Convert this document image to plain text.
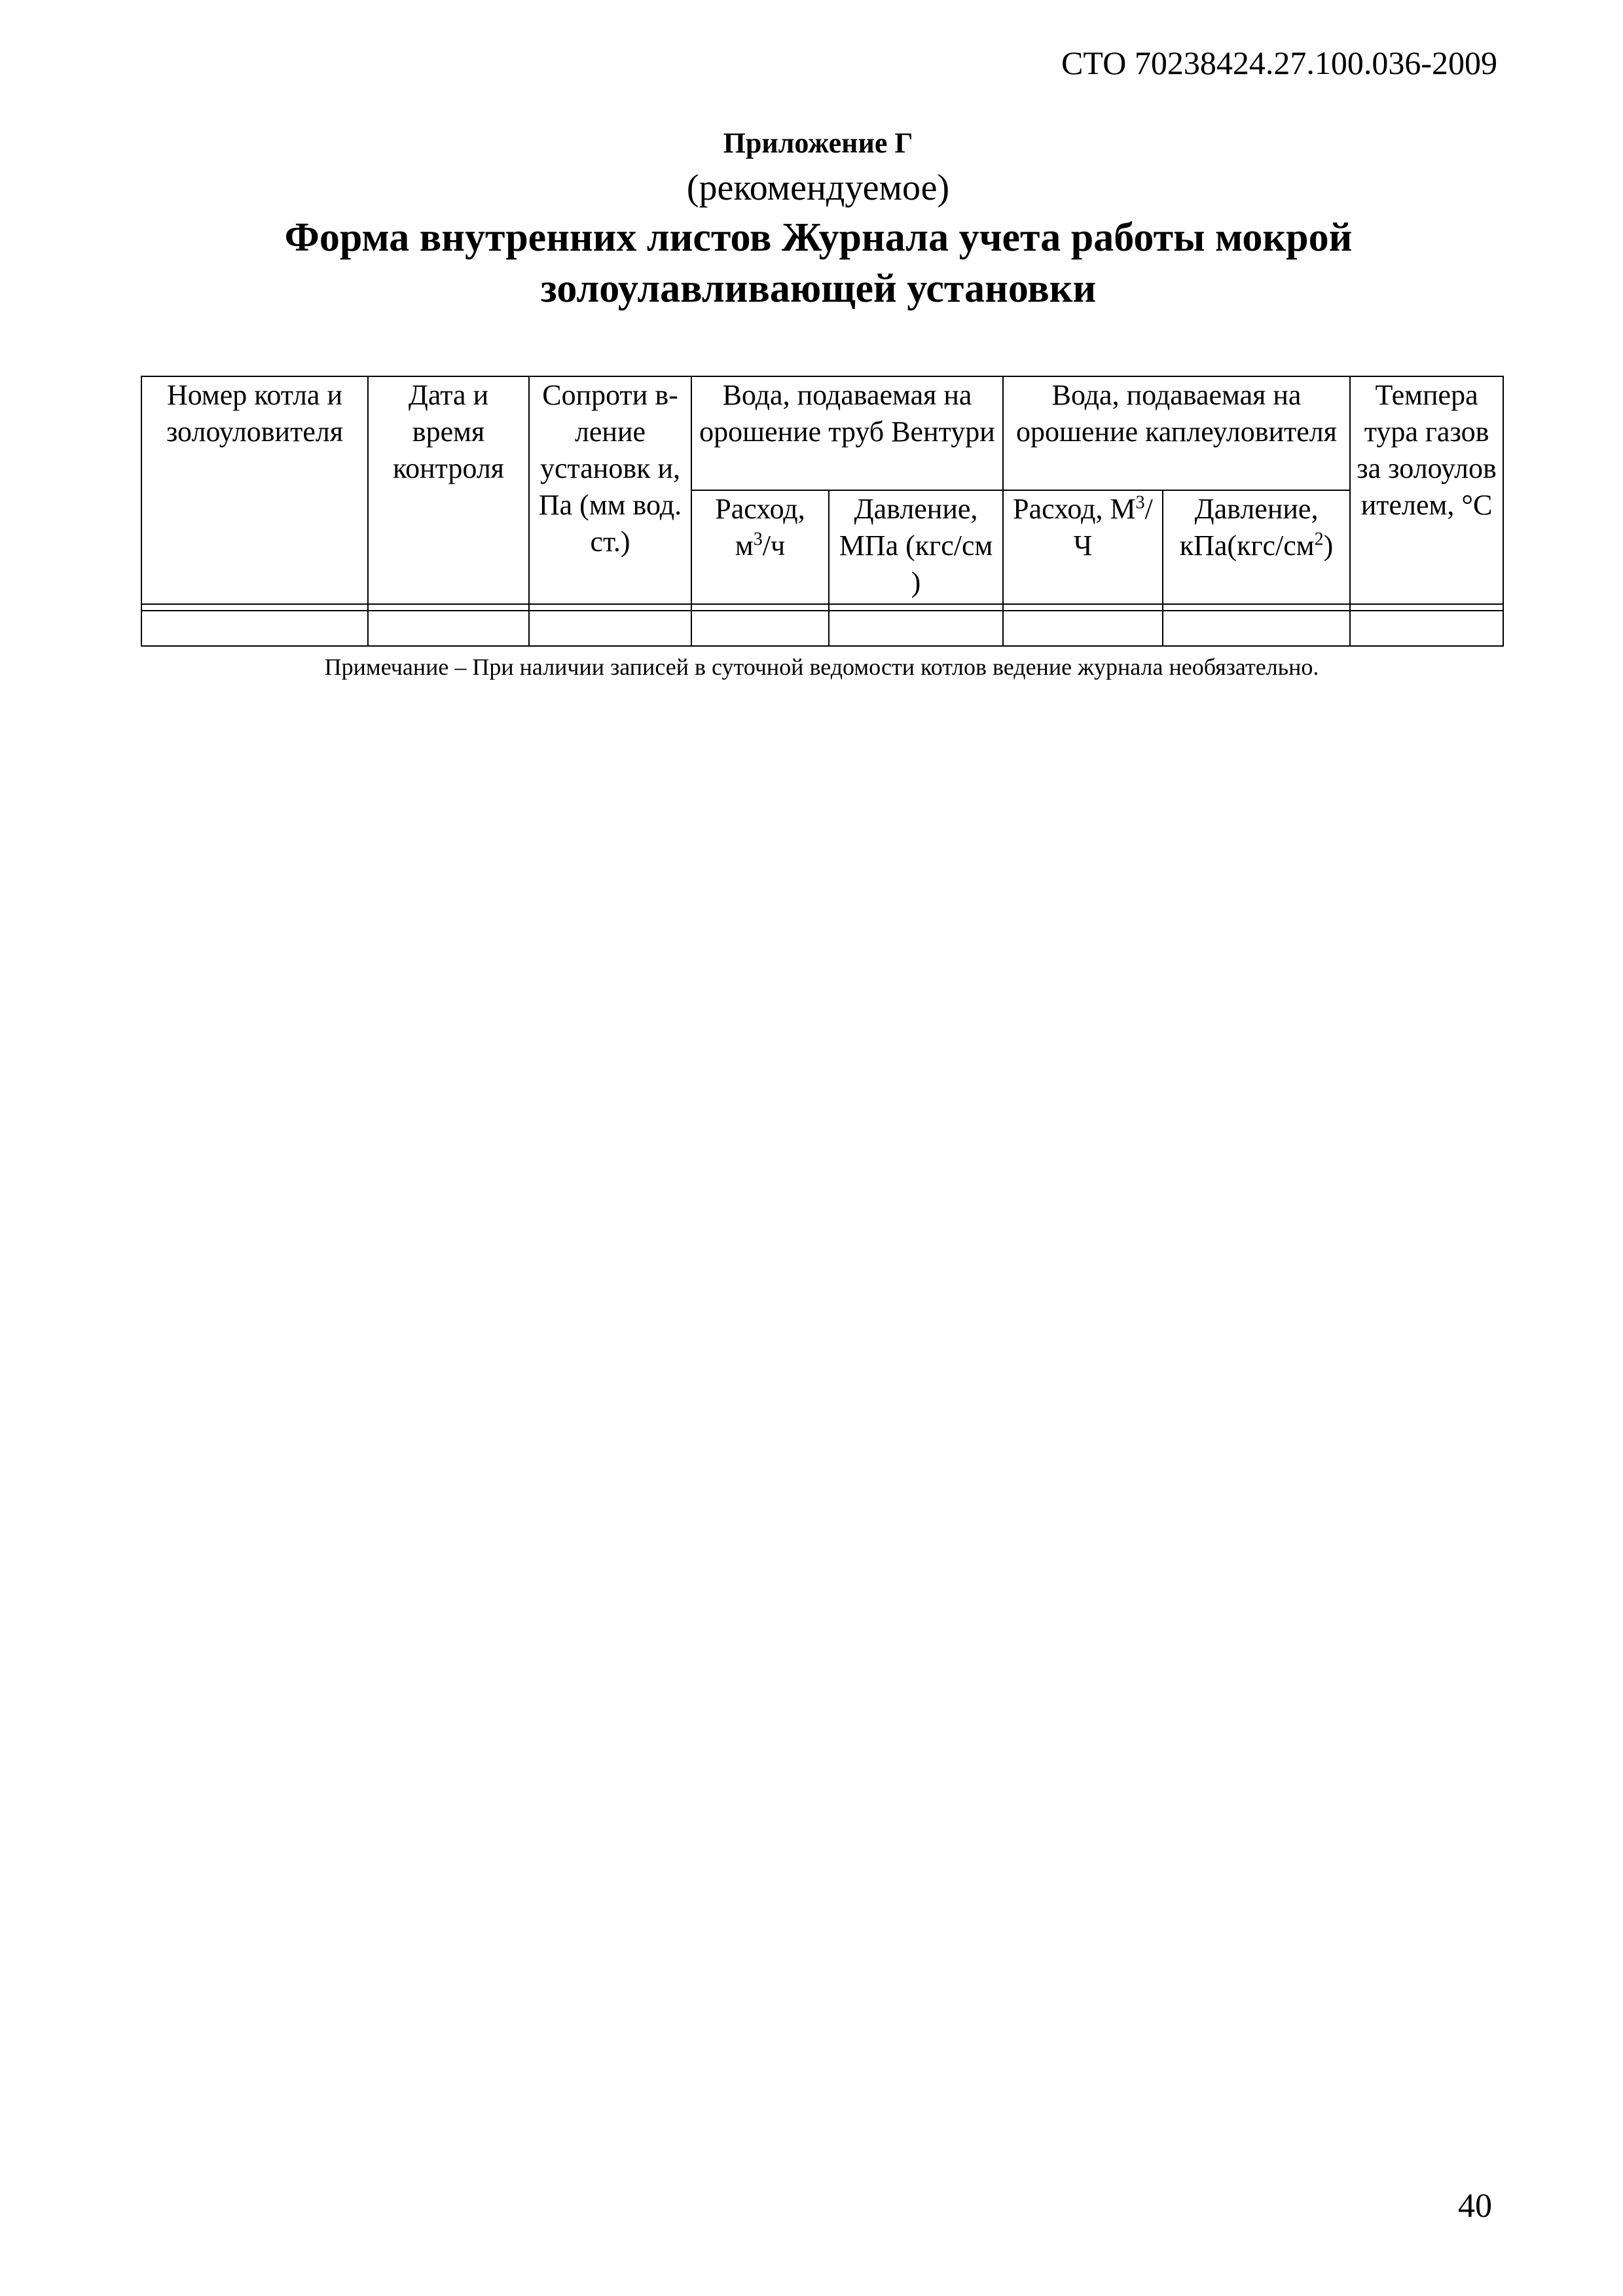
СТО 70238424.27.100.036-2009
Приложение Г
(рекомендуемое)
Форма внутренних листов Журнала учета работы мокрой золоулавливающей установки
Номер котла и золоуловителя	Дата и время контроля	Сопроти в-ление установк и, Па (мм вод. ст.)	Вода, подаваемая на орошение труб Вентури		Вода, подаваемая на орошение каплеуловителя		Темпера тура газов за золоулов ителем, °С
			Расход, $м^3/ч$	Давление, МПа (кгс/см )	Расход, $М^3/Ч$	Давление, $кПа(кгс/см^2)$	

Примечание – При наличии записей в суточной ведомости котлов ведение журнала необязательно.
40
